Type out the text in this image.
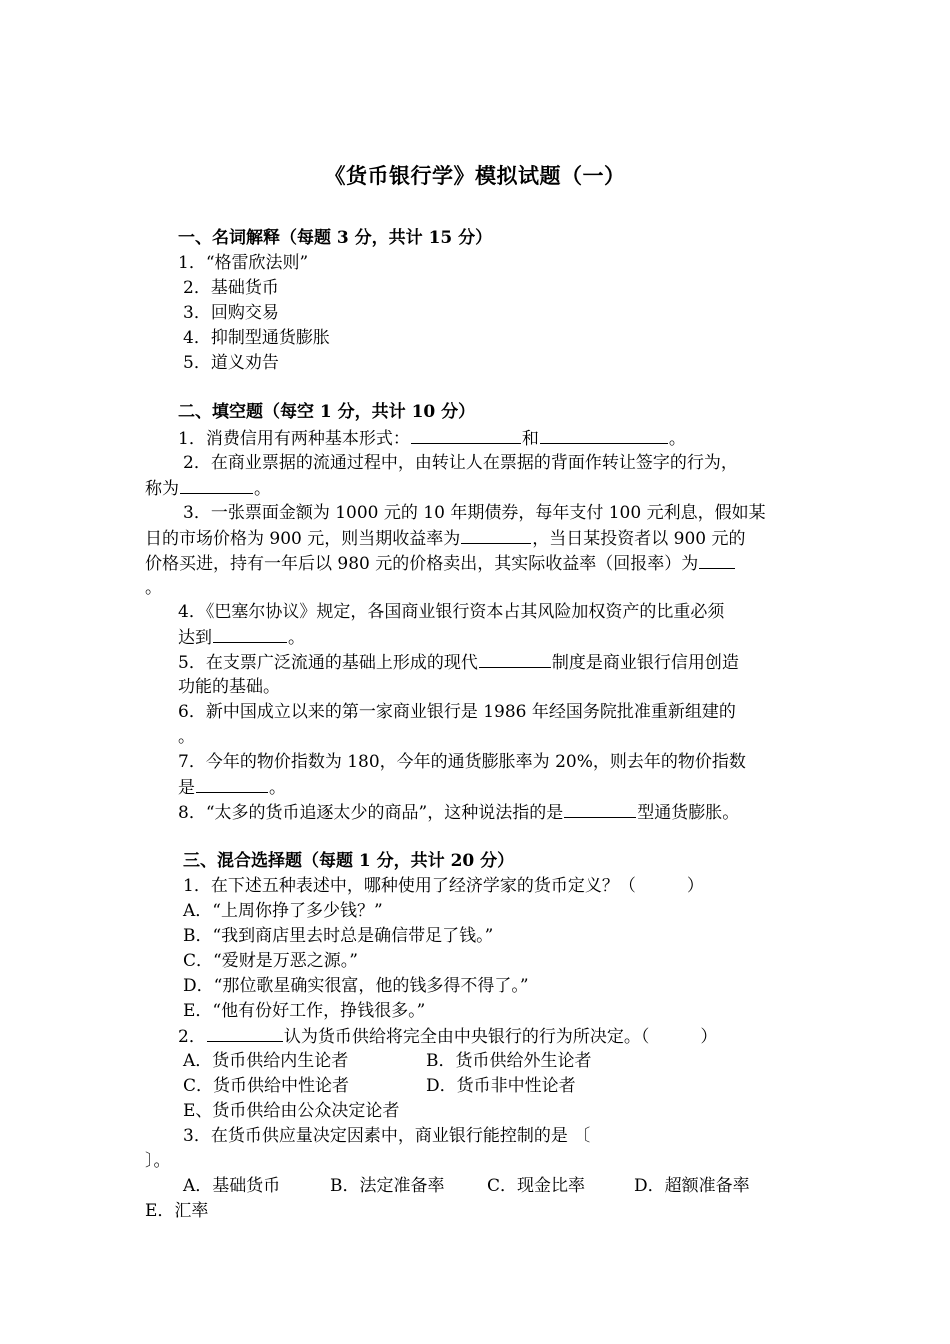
《货币银行学》模拟试题（一）
一、名词解释（每题 3 分，共计 15 分）
1．“格雷欣法则”
2．基础货币
3．回购交易
4．抑制型通货膨胀
5．道义劝告
二、填空题（每空 1 分，共计 10 分）
1．消费信用有两种基本形式：	和	。
2．在商业票据的流通过程中，由转让人在票据的背面作转让签字的行为，
称为	。
3．一张票面金额为 1000 元的 10 年期债券，每年支付 100 元利息，假如某
日的市场价格为 900 元，则当期收益率为	，当日某投资者以 900 元的
价格买进，持有一年后以 980 元的价格卖出，其实际收益率（回报率）为
。
4．《巴塞尔协议》规定，各国商业银行资本占其风险加权资产的比重必须
达到	。
5．在支票广泛流通的基础上形成的现代	制度是商业银行信用创造
功能的基础。
6．新中国成立以来的第一家商业银行是 1986 年经国务院批准重新组建的
。
7．今年的物价指数为 180，今年的通货膨胀率为 20%，则去年的物价指数
是	。
8．“太多的货币追逐太少的商品”，这种说法指的是	型通货膨胀。
三、混合选择题（每题 1 分，共计 20 分）
1．在下述五种表述中，哪种使用了经济学家的货币定义？（　　　）
A．“上周你挣了多少钱？”
B．“我到商店里去时总是确信带足了钱。”
C．“爱财是万恶之源。”
D．“那位歌星确实很富，他的钱多得不得了。”
E．“他有份好工作，挣钱很多。”
2．	认为货币供给将完全由中央银行的行为所决定。（　　　）
A．货币供给内生论者	B．货币供给外生论者
C．货币供给中性论者	D．货币非中性论者
E、货币供给由公众决定论者
3．在货币供应量决定因素中，商业银行能控制的是 〔
〕。
A．基础货币	B．法定准备率	C．现金比率	D．超额准备率
E．汇率
